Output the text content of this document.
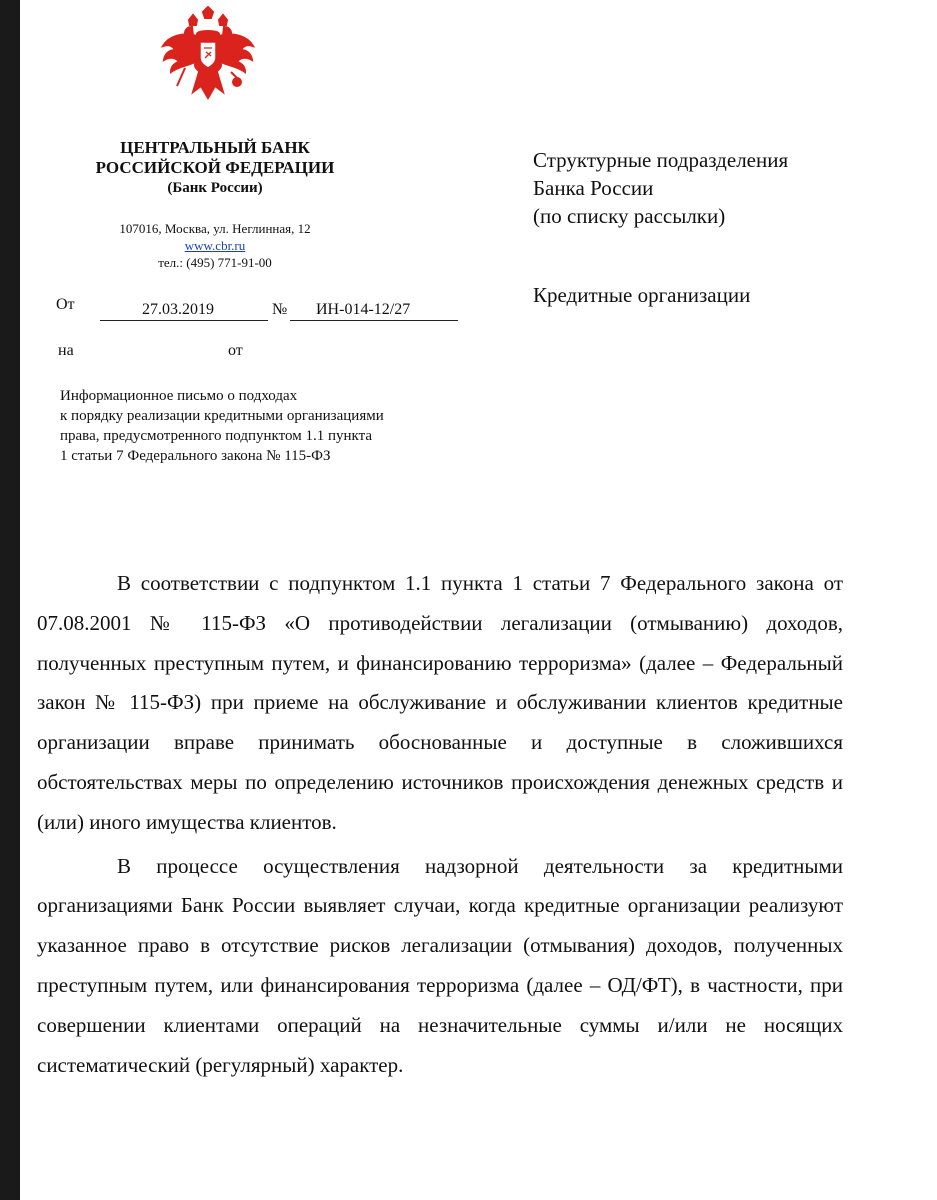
ЦЕНТРАЛЬНЫЙ БАНК
РОССИЙСКОЙ ФЕДЕРАЦИИ
(Банк России)
107016, Москва, ул. Неглинная, 12
www.cbr.ru
тел.: (495) 771-91-00
Структурные подразделения
Банка России
(по списку рассылки)
Кредитные организации
От	27.03.2019	№ ИН-014-12/27
на	от
Информационное письмо о подходах
к порядку реализации кредитными организациями
права, предусмотренного подпунктом 1.1 пункта
1 статьи 7 Федерального закона № 115-ФЗ

В соответствии с подпунктом 1.1 пункта 1 статьи 7 Федерального закона от 07.08.2001 № 115-ФЗ «О противодействии легализации (отмыванию) доходов, полученных преступным путем, и финансированию терроризма» (далее – Федеральный закон № 115-ФЗ) при приеме на обслуживание и обслуживании клиентов кредитные организации вправе принимать обоснованные и доступные в сложившихся обстоятельствах меры по определению источников происхождения денежных средств и (или) иного имущества клиентов.

В процессе осуществления надзорной деятельности за кредитными организациями Банк России выявляет случаи, когда кредитные организации реализуют указанное право в отсутствие рисков легализации (отмывания) доходов, полученных преступным путем, или финансирования терроризма (далее – ОД/ФТ), в частности, при совершении клиентами операций на незначительные суммы и/или не носящих систематический (регулярный) характер.
